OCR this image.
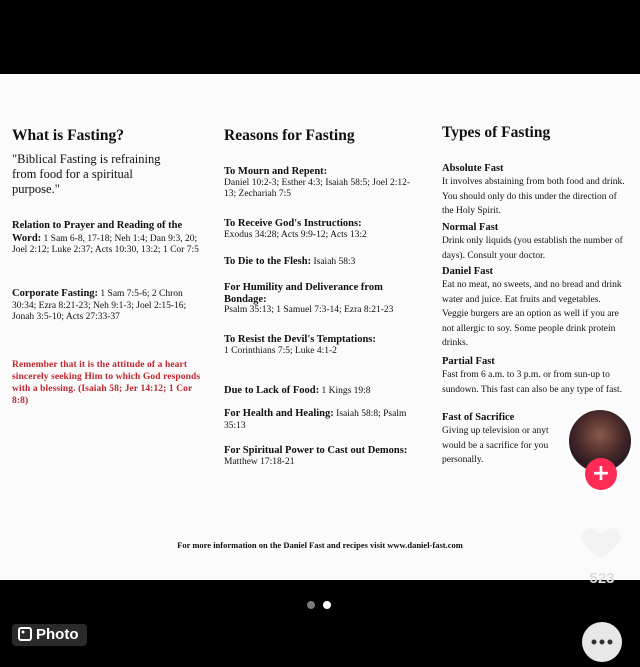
What is Fasting?
"Biblical Fasting is refraining from food for a spiritual purpose."
Relation to Prayer and Reading of the Word: 1 Sam 6-8, 17-18; Neh 1:4; Dan 9:3, 20; Joel 2:12; Luke 2:37; Acts 10:30, 13:2; 1 Cor 7:5
Corporate Fasting: 1 Sam 7:5-6; 2 Chron 30:34; Ezra 8:21-23; Neh 9:1-3; Joel 2:15-16; Jonah 3:5-10; Acts 27:33-37
Remember that it is the attitude of a heart sincerely seeking Him to which God responds with a blessing. (Isaiah 58; Jer 14:12; 1 Cor 8:8)
Reasons for Fasting
To Mourn and Repent:
Daniel 10:2-3; Esther 4:3; Isaiah 58:5; Joel 2:12-13; Zechariah 7:5
To Receive God's Instructions:
Exodus 34:28; Acts 9:9-12; Acts 13:2
To Die to the Flesh: Isaiah 58:3
For Humility and Deliverance from Bondage:
Psalm 35:13; 1 Samuel 7:3-14; Ezra 8:21-23
To Resist the Devil's Temptations:
1 Corinthians 7:5; Luke 4:1-2
Due to Lack of Food: 1 Kings 19:8
For Health and Healing: Isaiah 58:8; Psalm 35:13
For Spiritual Power to Cast out Demons:
Matthew 17:18-21
Types of Fasting
Absolute Fast
It involves abstaining from both food and drink. You should only do this under the direction of the Holy Spirit.
Normal Fast
Drink only liquids (you establish the number of days). Consult your doctor.
Daniel Fast
Eat no meat, no sweets, and no bread and drink water and juice. Eat fruits and vegetables. Veggie burgers are an option as well if you are not allergic to soy. Some people drink protein drinks.
Partial Fast
Fast from 6 a.m. to 3 p.m. or from sun-up to sundown. This fast can also be any type of fast.
Fast of Sacrifice
Giving up television or anyt would be a sacrifice for you personally.
For more information on the Daniel Fast and recipes visit www.daniel-fast.com
+
523
Photo
